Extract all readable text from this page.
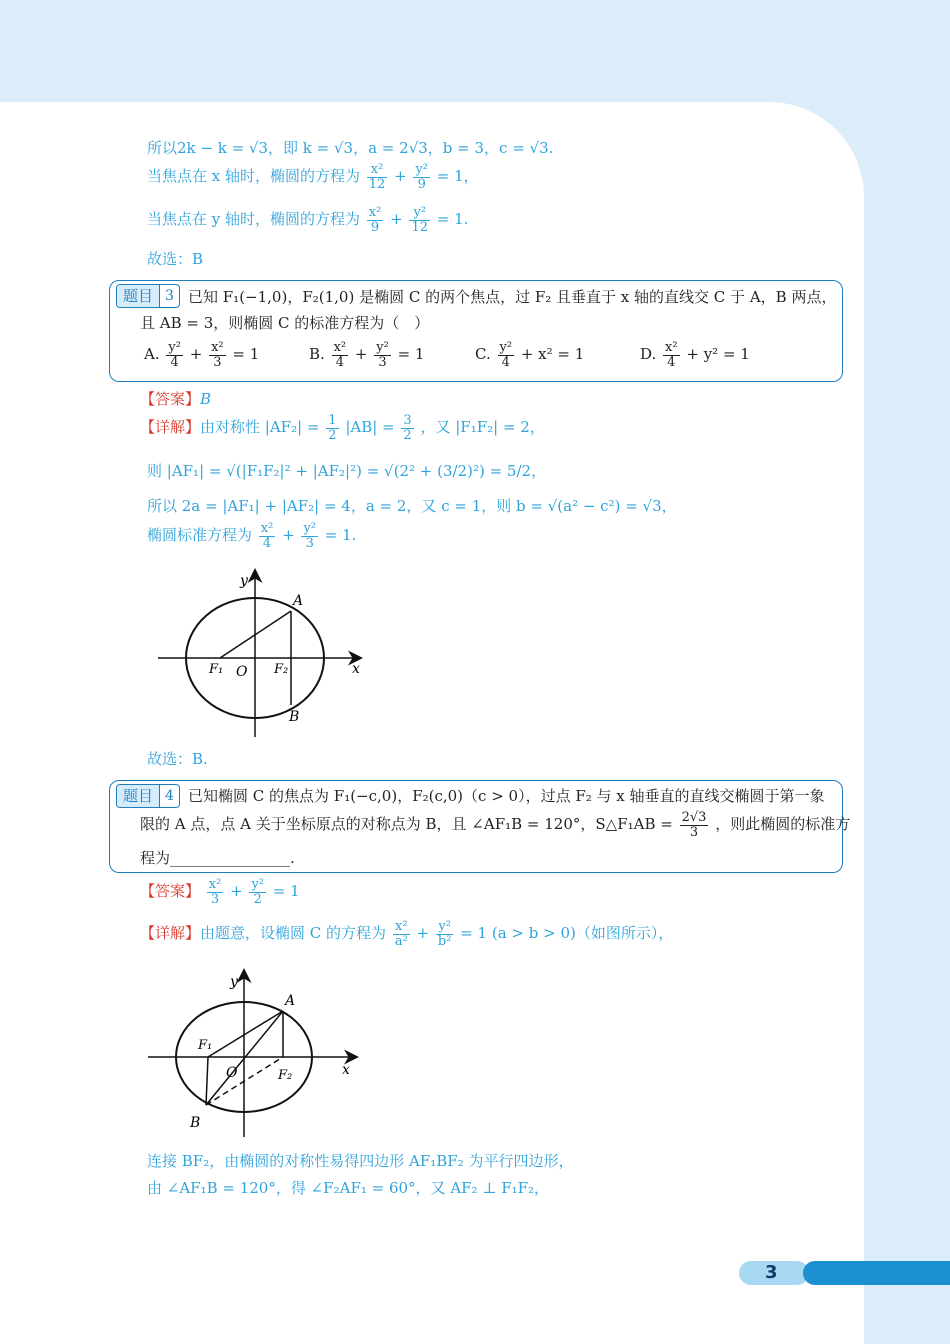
所以2k − k = √3，即 k = √3，a = 2√3，b = 3，c = √3.
当焦点在 x 轴时，椭圆的方程为 $\frac{\text{x²}}{12} + \frac{\text{y²}}{9} = 1$，
当焦点在 y 轴时，椭圆的方程为 $\frac{\text{x²}}{9} + \frac{\text{y²}}{12} = 1$.
故选：B
题目 3 已知 F₁(−1,0)，F₂(1,0) 是椭圆 C 的两个焦点，过 F₂ 且垂直于 x 轴的直线交 C 于 A，B 两点，
且 AB = 3，则椭圆 C 的标准方程为（　）
A. $\frac{\text{y²}}{4} + \frac{\text{x²}}{3} = 1$	B. $\frac{\text{x²}}{4} + \frac{\text{y²}}{3} = 1$	C. $\frac{\text{y²}}{4} + x^2 = 1$	D. $\frac{\text{x²}}{4} + y^2 = 1$
【答案】B
【详解】由对称性 $|AF_2| = \frac{1}{2} |AB| = \frac{3}{2}$ ，又 |F₁F₂| = 2，
则 |AF₁| = √(|F₁F₂|² + |AF₂|²) = √(2² + (3/2)²) = 5/2，
所以 2a = |AF₁| + |AF₂| = 4，a = 2，又 c = 1，则 b = √(a² − c²) = √3，
椭圆标准方程为 $\frac{\text{x²}}{4} + \frac{\text{y²}}{3} = 1$.
y
x
A
B
F₁	F₂
O
故选：B.
题目 4 已知椭圆 C 的焦点为 F₁(−c,0)，F₂(c,0)（c > 0），过点 F₂ 与 x 轴垂直的直线交椭圆于第一象
限的 A 点，点 A 关于坐标原点的对称点为 B，且 ∠AF₁B = 120°，S△F₁AB = $\frac{2√3}{3}$ ，则此椭圆的标准方
程为________________.
【答案】 $\frac{\text{x²}}{3} + \frac{\text{y²}}{2} = 1$
【详解】由题意，设椭圆 C 的方程为 $\frac{\text{x²}}{\text{a²}} + \frac{\text{y²}}{\text{b²}} = 1$ (a > b > 0)（如图所示），
y
x
A
B
F₁
F₂
O
连接 BF₂，由椭圆的对称性易得四边形 AF₁BF₂ 为平行四边形，
由 ∠AF₁B = 120°，得 ∠F₂AF₁ = 60°，又 AF₂ ⊥ F₁F₂，
3
